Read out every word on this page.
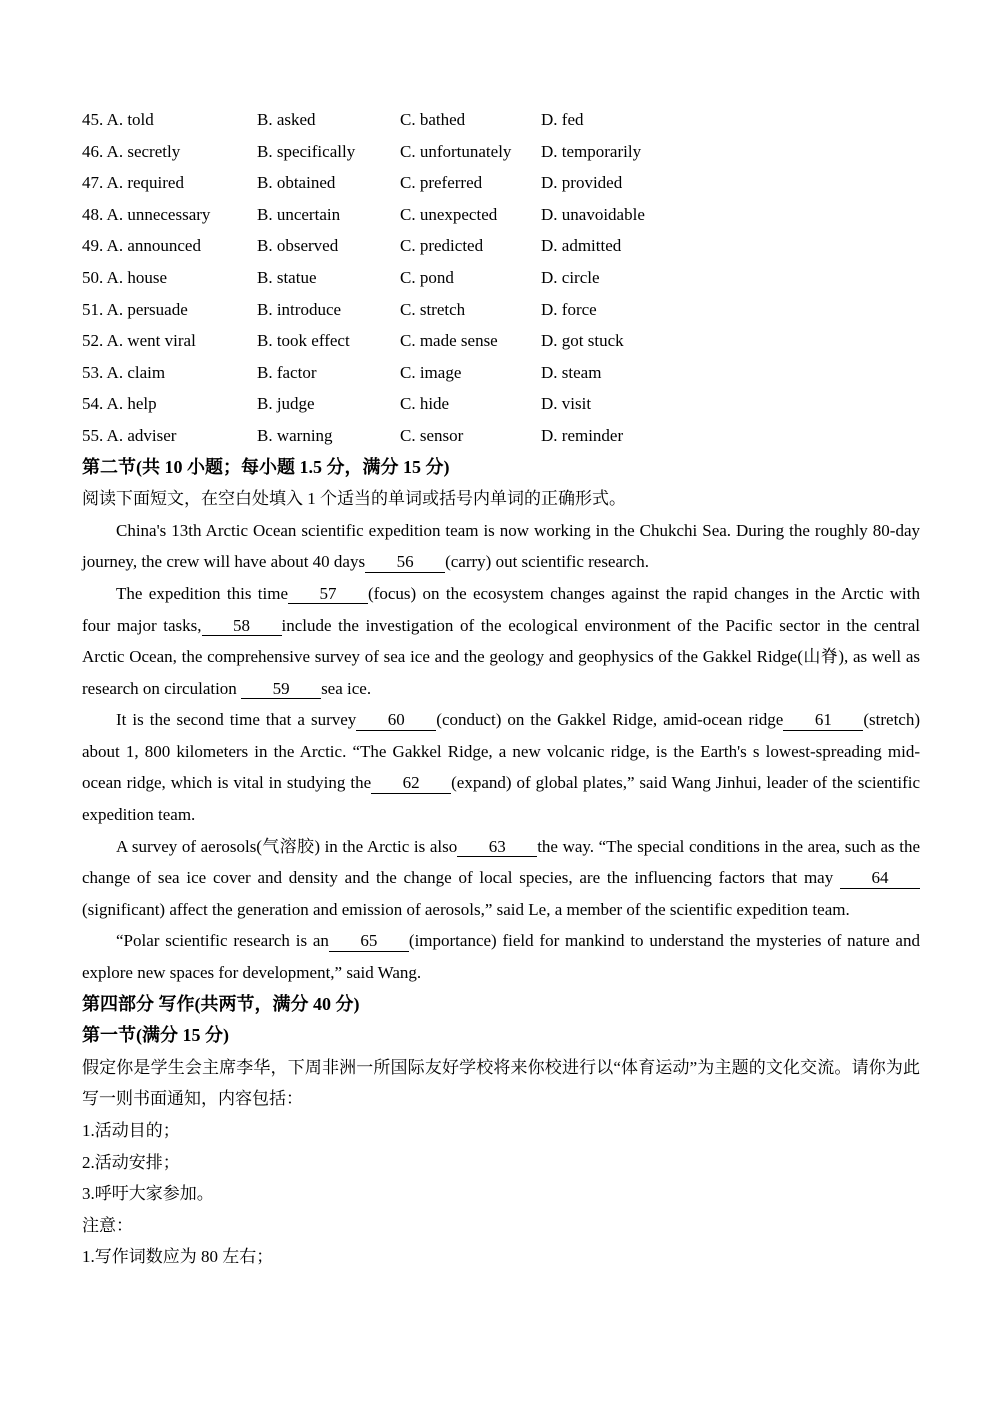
45. A. told	B. asked	C. bathed	D. fed
46. A. secretly	B. specifically	C. unfortunately	D. temporarily
47. A. required	B. obtained	C. preferred	D. provided
48. A. unnecessary	B. uncertain	C. unexpected	D. unavoidable
49. A. announced	B. observed	C. predicted	D. admitted
50. A. house	B. statue	C. pond	D. circle
51. A. persuade	B. introduce	C. stretch	D. force
52. A. went viral	B. took effect	C. made sense	D. got stuck
53. A. claim	B. factor	C. image	D. steam
54. A. help	B. judge	C. hide	D. visit
55. A. adviser	B. warning	C. sensor	D. reminder
第二节(共 10 小题；每小题 1.5 分，满分 15 分)

阅读下面短文，在空白处填入 1 个适当的单词或括号内单词的正确形式。

China's 13th Arctic Ocean scientific expedition team is now working in the Chukchi Sea. During the roughly 80-day journey, the crew will have about 40 days 56 (carry) out scientific research.

The expedition this time 57 (focus) on the ecosystem changes against the rapid changes in the Arctic with four major tasks, 58 include the investigation of the ecological environment of the Pacific sector in the central Arctic Ocean, the comprehensive survey of sea ice and the geology and geophysics of the Gakkel Ridge(山脊), as well as research on circulation 59 sea ice.

It is the second time that a survey 60 (conduct) on the Gakkel Ridge, amid-ocean ridge 61 (stretch) about 1, 800 kilometers in the Arctic. “The Gakkel Ridge, a new volcanic ridge, is the Earth's s lowest-spreading mid-ocean ridge, which is vital in studying the 62 (expand) of global plates,” said Wang Jinhui, leader of the scientific expedition team.

A survey of aerosols(气溶胶) in the Arctic is also 63 the way. “The special conditions in the area, such as the change of sea ice cover and density and the change of local species, are the influencing factors that may 64(significant) affect the generation and emission of aerosols,” said Le, a member of the scientific expedition team.

“Polar scientific research is an 65 (importance) field for mankind to understand the mysteries of nature and explore new spaces for development,” said Wang.

第四部分 写作(共两节，满分 40 分)
第一节(满分 15 分)

假定你是学生会主席李华，下周非洲一所国际友好学校将来你校进行以“体育运动”为主题的文化交流。请你为此写一则书面通知，内容包括：

1.活动目的；
2.活动安排；
3.呼吁大家参加。
注意：
1.写作词数应为 80 左右；
